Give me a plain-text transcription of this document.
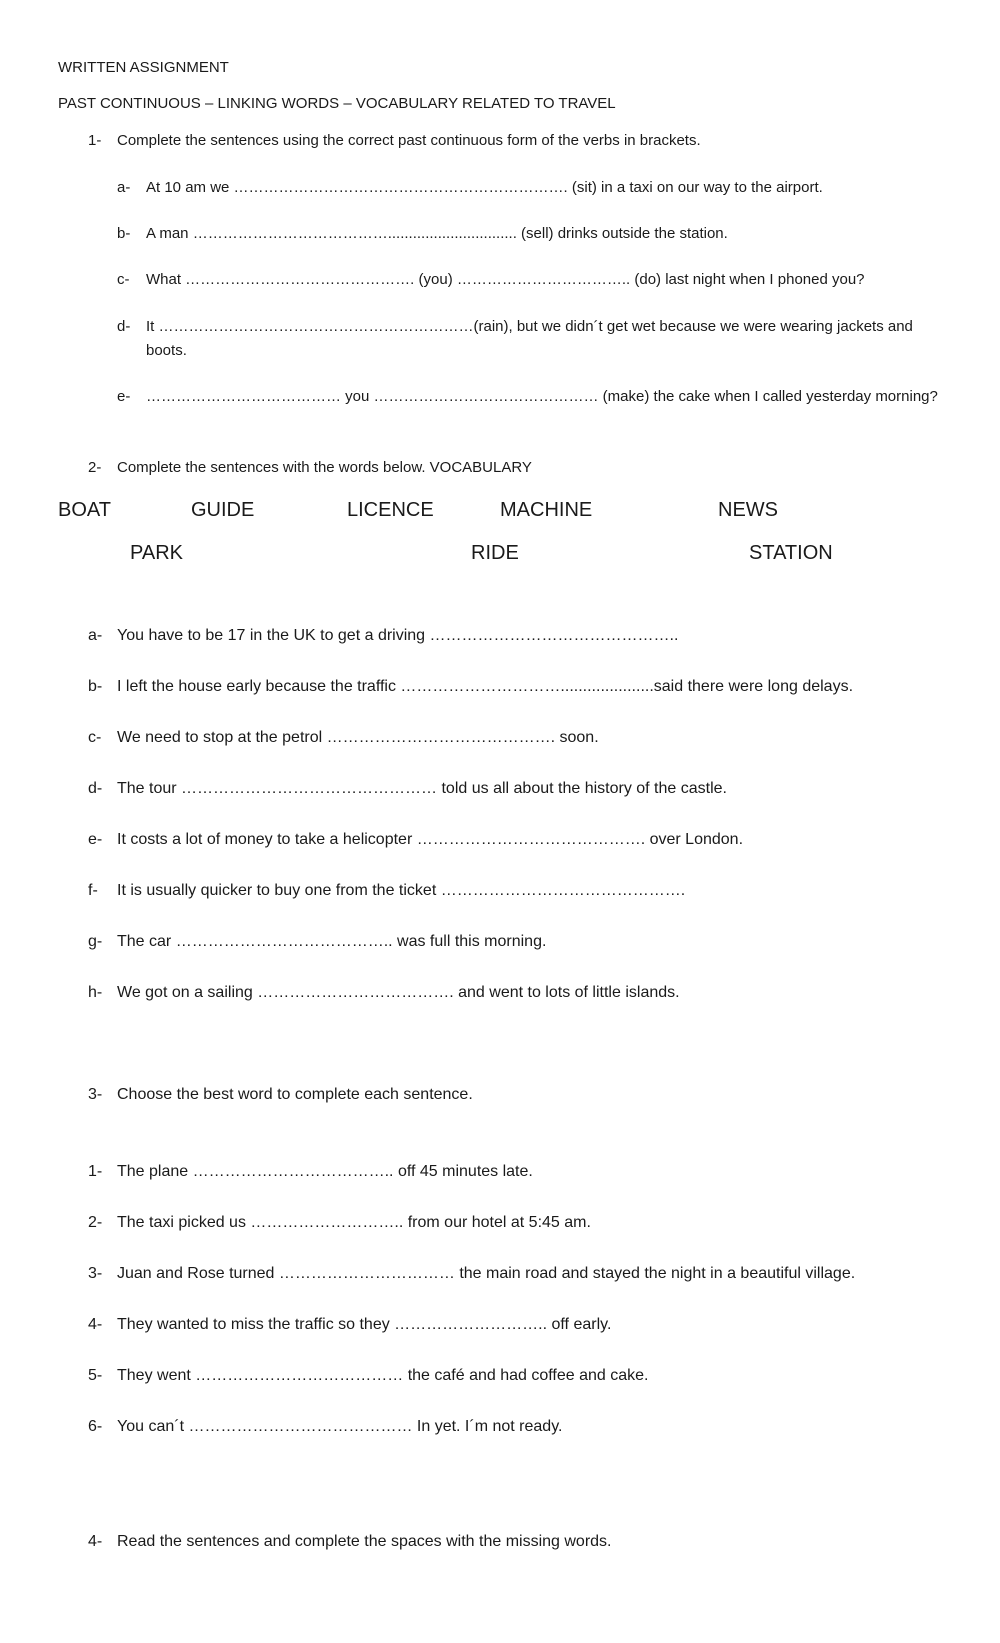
WRITTEN ASSIGNMENT
PAST CONTINUOUS – LINKING WORDS – VOCABULARY RELATED TO TRAVEL
1- Complete the sentences using the correct past continuous form of the verbs in brackets.
a- At 10 am we …………………………………………………………. (sit) in a taxi on our way to the airport.
b- A man …………………………………............................... (sell) drinks outside the station.
c- What ………………………………………. (you) …………………………….. (do) last night when I phoned you?
d- It ………………………………………………………(rain), but we didn´t get wet because we were wearing jackets and
boots.
e- ………………………………… you ……………………………………… (make) the cake when I called yesterday morning?
2- Complete the sentences with the words below. VOCABULARY
BOAT	GUIDE	LICENCE	MACHINE	NEWS
PARK	RIDE	STATION
a- You have to be 17 in the UK to get a driving ………………………………………..
b- I left the house early because the traffic ………………………….....................said there were long delays.
c- We need to stop at the petrol ……………………………………. soon.
d- The tour ………………………………………… told us all about the history of the castle.
e- It costs a lot of money to take a helicopter ……………………………………. over London.
f- It is usually quicker to buy one from the ticket ……………………………………….
g- The car ………………………………….. was full this morning.
h- We got on a sailing ………………………………. and went to lots of little islands.
3- Choose the best word to complete each sentence.
1- The plane ……………………………….. off 45 minutes late.
2- The taxi picked us ……………………….. from our hotel at 5:45 am.
3- Juan and Rose turned …………………………… the main road and stayed the night in a beautiful village.
4- They wanted to miss the traffic so they ……………………….. off early.
5- They went ………………………………… the café and had coffee and cake.
6- You can´t …………………………………… In yet. I´m not ready.
4- Read the sentences and complete the spaces with the missing words.
